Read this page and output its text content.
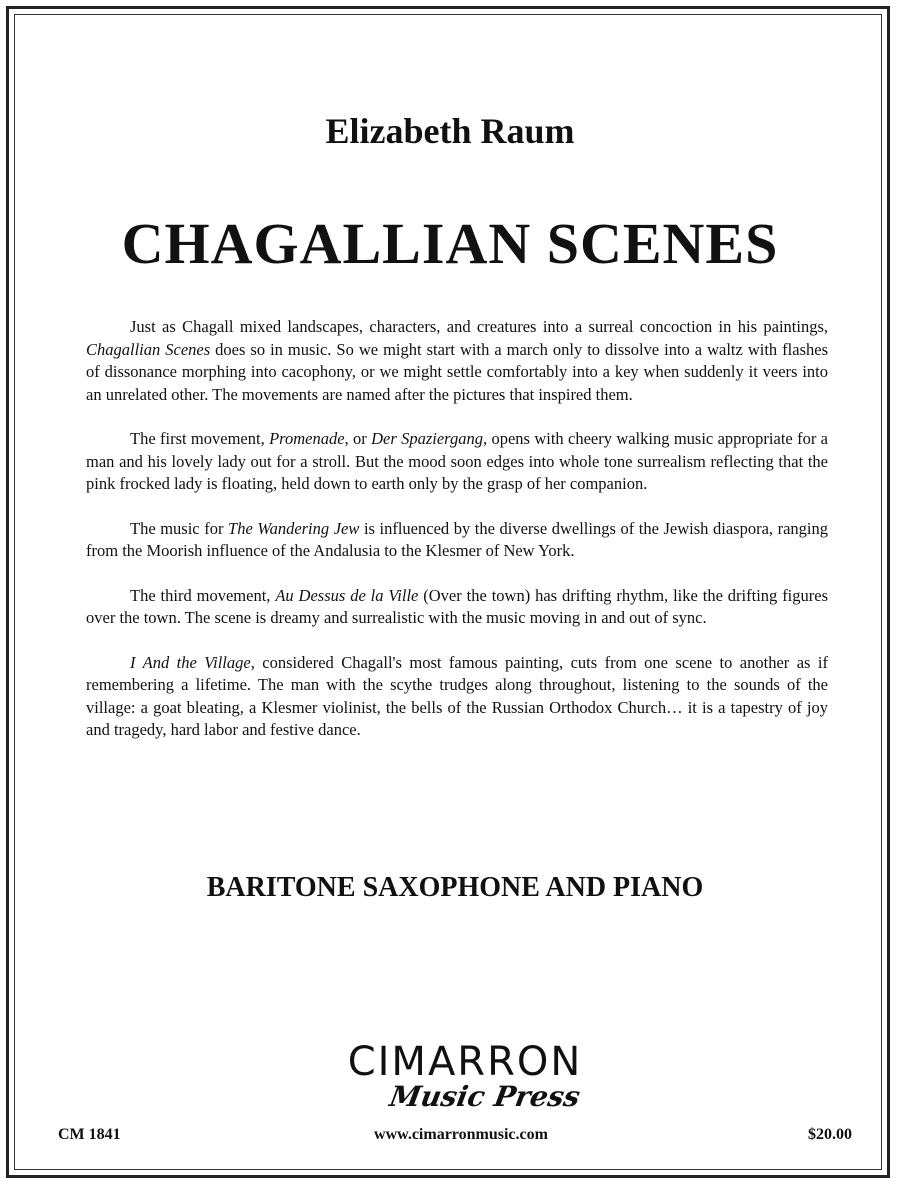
Elizabeth Raum
CHAGALLIAN SCENES

Just as Chagall mixed landscapes, characters, and creatures into a surreal concoction in his paintings, Chagallian Scenes does so in music. So we might start with a march only to dissolve into a waltz with flashes of dissonance morphing into cacophony, or we might settle comfortably into a key when suddenly it veers into an unrelated other. The movements are named after the pictures that inspired them.

The first movement, Promenade, or Der Spaziergang, opens with cheery walking music appropriate for a man and his lovely lady out for a stroll. But the mood soon edges into whole tone surrealism reflecting that the pink frocked lady is floating, held down to earth only by the grasp of her companion.

The music for The Wandering Jew is influenced by the diverse dwellings of the Jewish diaspora, ranging from the Moorish influence of the Andalusia to the Klesmer of New York.

The third movement, Au Dessus de la Ville (Over the town) has drifting rhythm, like the drifting figures over the town. The scene is dreamy and surrealistic with the music moving in and out of sync.

I And the Village, considered Chagall's most famous painting, cuts from one scene to another as if remembering a lifetime. The man with the scythe trudges along throughout, listening to the sounds of the village: a goat bleating, a Klesmer violinist, the bells of the Russian Orthodox Church… it is a tapestry of joy and tragedy, hard labor and festive dance.

BARITONE SAXOPHONE AND PIANO
CIMARRON
Music Press
CM 1841	www.cimarronmusic.com	$20.00
